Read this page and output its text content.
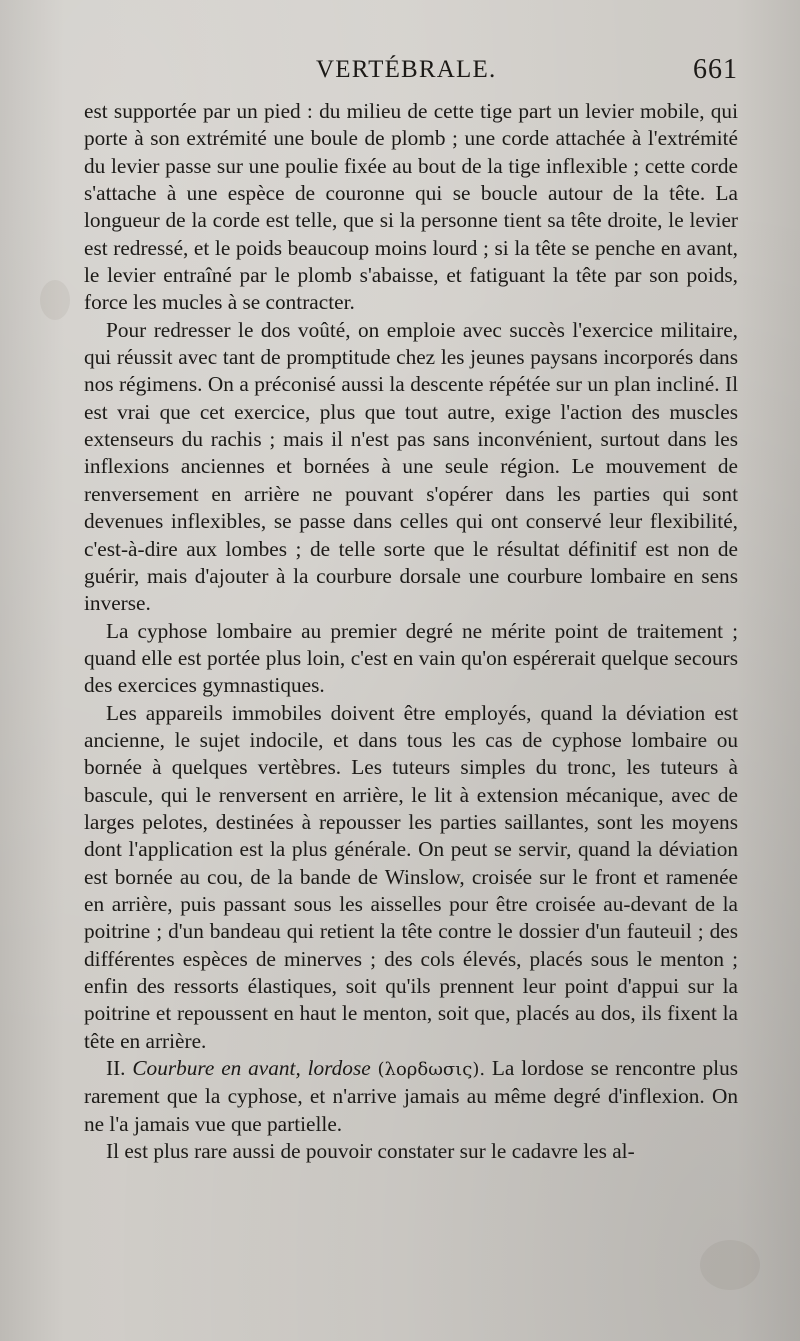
VERTÉBRALE.	661

est supportée par un pied : du milieu de cette tige part un levier mobile, qui porte à son extrémité une boule de plomb ; une corde attachée à l'extrémité du levier passe sur une poulie fixée au bout de la tige inflexible ; cette corde s'attache à une espèce de couronne qui se boucle autour de la tête. La longueur de la corde est telle, que si la personne tient sa tête droite, le levier est redressé, et le poids beaucoup moins lourd ; si la tête se penche en avant, le levier entraîné par le plomb s'abaisse, et fatiguant la tête par son poids, force les mucles à se contracter.

Pour redresser le dos voûté, on emploie avec succès l'exercice militaire, qui réussit avec tant de promptitude chez les jeunes paysans incorporés dans nos régimens. On a préconisé aussi la descente répétée sur un plan incliné. Il est vrai que cet exercice, plus que tout autre, exige l'action des muscles extenseurs du rachis ; mais il n'est pas sans inconvénient, surtout dans les inflexions anciennes et bornées à une seule région. Le mouvement de renversement en arrière ne pouvant s'opérer dans les parties qui sont devenues inflexibles, se passe dans celles qui ont conservé leur flexibilité, c'est-à-dire aux lombes ; de telle sorte que le résultat définitif est non de guérir, mais d'ajouter à la courbure dorsale une courbure lombaire en sens inverse.

La cyphose lombaire au premier degré ne mérite point de traitement ; quand elle est portée plus loin, c'est en vain qu'on espérerait quelque secours des exercices gymnastiques.

Les appareils immobiles doivent être employés, quand la déviation est ancienne, le sujet indocile, et dans tous les cas de cyphose lombaire ou bornée à quelques vertèbres. Les tuteurs simples du tronc, les tuteurs à bascule, qui le renversent en arrière, le lit à extension mécanique, avec de larges pelotes, destinées à repousser les parties saillantes, sont les moyens dont l'application est la plus générale. On peut se servir, quand la déviation est bornée au cou, de la bande de Winslow, croisée sur le front et ramenée en arrière, puis passant sous les aisselles pour être croisée au-devant de la poitrine ; d'un bandeau qui retient la tête contre le dossier d'un fauteuil ; des différentes espèces de minerves ; des cols élevés, placés sous le menton ; enfin des ressorts élastiques, soit qu'ils prennent leur point d'appui sur la poitrine et repoussent en haut le menton, soit que, placés au dos, ils fixent la tête en arrière.

II. Courbure en avant, lordose (λορδωσις). La lordose se rencontre plus rarement que la cyphose, et n'arrive jamais au même degré d'inflexion. On ne l'a jamais vue que partielle.

Il est plus rare aussi de pouvoir constater sur le cadavre les al-
